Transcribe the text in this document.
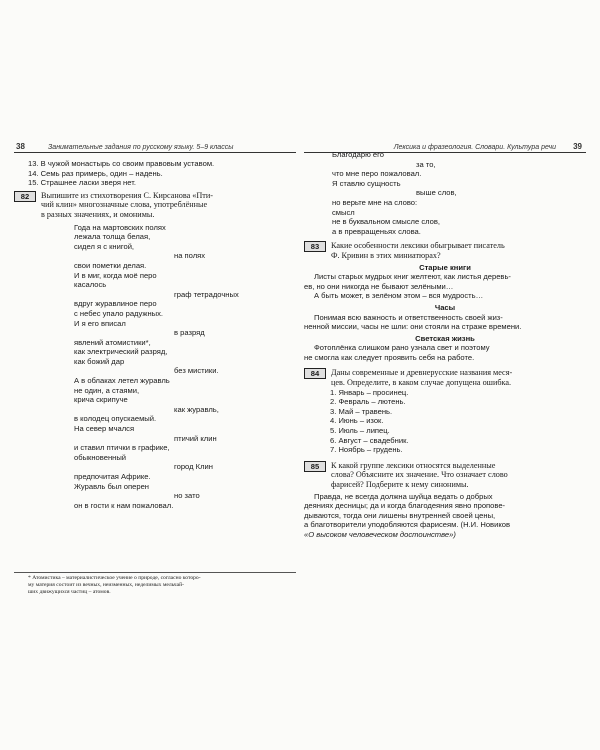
38	Занимательные задания по русскому языку. 5–9 классы
13. В чужой монастырь со своим правовым уставом.
14. Семь раз примерь, один – надень.
15. Страшнее ласки зверя нет.
82	Выпишите из стихотворения С. Кирсанова «Пти-
чий клин» многозначные слова, употреблённые
в разных значениях, и омонимы.
Года на мартовских полях
лежала толща белая,
сидел я с книгой,
на полях
свои пометки делая.
И в миг, когда моё перо
касалось
граф тетрадочных
вдруг журавлиное перо
с небес упало радужных.
И я его вписал
в разряд
явлений атомистики*,
как электрический разряд,
как божий дар
без мистики.
А в облаках летел журавль
не один, а стаями,
крича скрипуче
как журавль,
в колодец опускаемый.
На север мчался
птичий клин
и ставил птички в графике,
обыкновенный
город Клин
предпочитая Африке.
Журавль был оперен
но зато
он в гости к нам пожаловал.
* Атомистика – материалистическое учение о природе, согласно которо-
му материя состоит из вечных, неизменных, неделимых мельчай-
ших движущихся частиц – атомов.
Лексика и фразеология. Словари. Культура речи 39
Благодарю его
за то,
что мне перо пожаловал.
Я ставлю сущность
выше слов,
но верьте мне на слово:
смысл
не в буквальном смысле слов,
а в превращеньях слова.
83	Какие особенности лексики обыгрывает писатель
Ф. Кривин в этих миниатюрах?
Старые книги
Листы старых мудрых книг желтеют, как листья деревь-
ев, но они никогда не бывают зелёными…
А быть может, в зелёном этом – вся мудрость…
Часы
Понимая всю важность и ответственность своей жиз-
ненной миссии, часы не шли: они стояли на страже времени.
Светская жизнь
Фотоплёнка слишком рано узнала свет и поэтому
не смогла как следует проявить себя на работе.
84	Даны современные и древнерусские названия меся-
цев. Определите, в каком случае допущена ошибка.
1. Январь – просинец.
2. Февраль – лютень.
3. Май – травень.
4. Июнь – изок.
5. Июль – липец.
6. Август – свадебник.
7. Ноябрь – грудень.
85	К какой группе лексики относятся выделенные
слова? Объясните их значение. Что означает слово
фарисей? Подберите к нему синонимы.
Правда, не всегда должна шуйца ведать о добрых
деяниях десницы; да и когда благодеяния явно пропове-
дываются, тогда они лишены внутренней своей цены,
а благотворители уподобляются фарисеям. (Н.И. Новиков
«О высоком человеческом достоинстве»)
